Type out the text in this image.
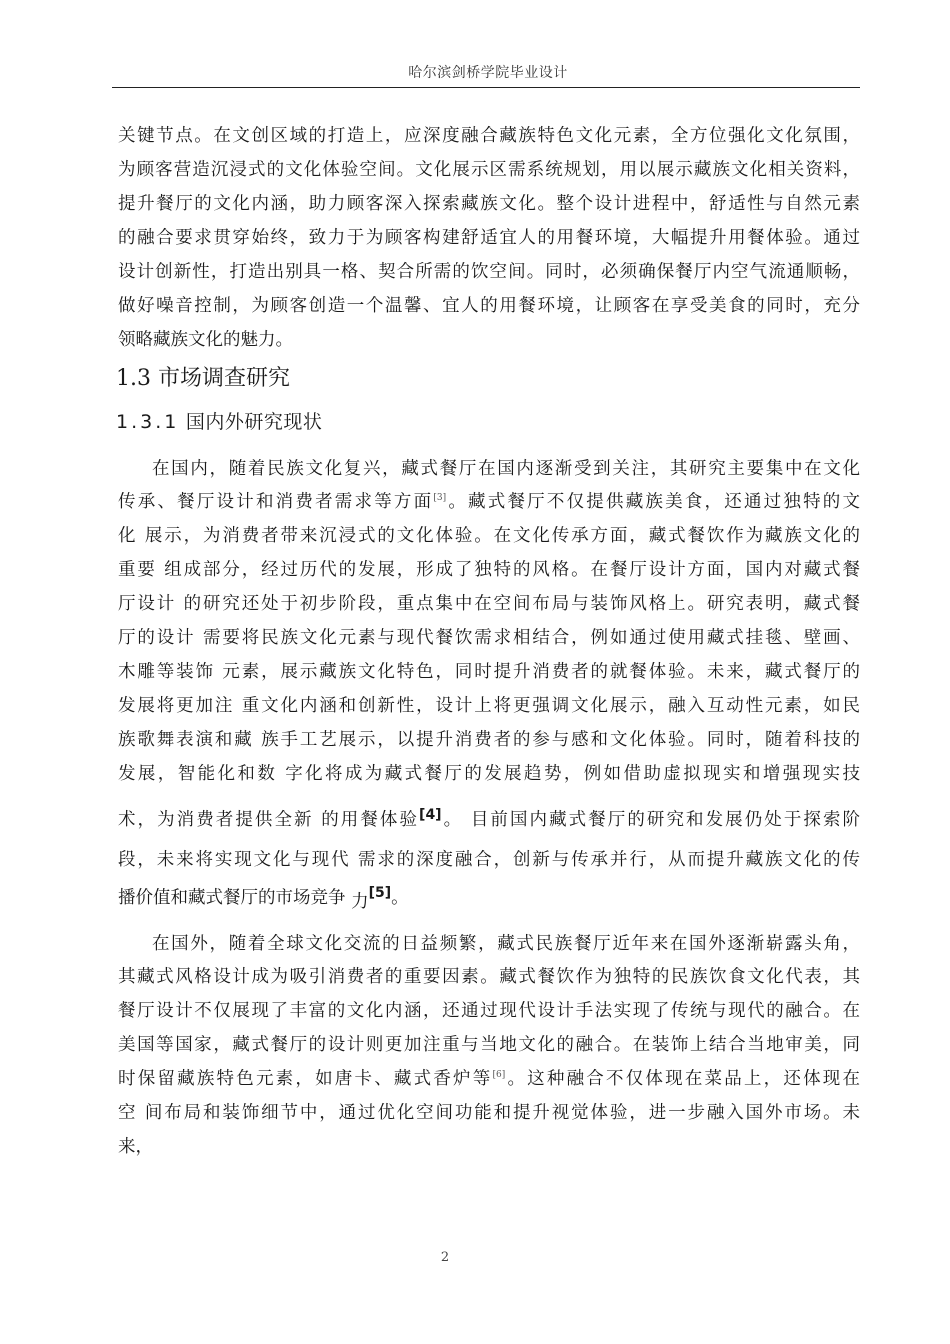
哈尔滨剑桥学院毕业设计
关键节点。在文创区域的打造上，应深度融合藏族特色文化元素，全方位强化文化氛围，
为顾客营造沉浸式的文化体验空间。文化展示区需系统规划，用以展示藏族文化相关资料，
提升餐厅的文化内涵，助力顾客深入探索藏族文化。整个设计进程中，舒适性与自然元素
的融合要求贯穿始终，致力于为顾客构建舒适宜人的用餐环境，大幅提升用餐体验。通过
设计创新性，打造出别具一格、契合所需的饮空间。同时，必须确保餐厅内空气流通顺畅，
做好噪音控制，为顾客创造一个温馨、宜人的用餐环境，让顾客在享受美食的同时，充分
领略藏族文化的魅力。
1.3 市场调查研究
1.3.1 国内外研究现状
在国内，随着民族文化复兴，藏式餐厅在国内逐渐受到关注，其研究主要集中在文化
传承、餐厅设计和消费者需求等方面[3]。藏式餐厅不仅提供藏族美食，还通过独特的文
化 展示，为消费者带来沉浸式的文化体验。在文化传承方面，藏式餐饮作为藏族文化的
重要 组成部分，经过历代的发展，形成了独特的风格。在餐厅设计方面，国内对藏式餐
厅设计 的研究还处于初步阶段，重点集中在空间布局与装饰风格上。研究表明，藏式餐
厅的设计 需要将民族文化元素与现代餐饮需求相结合，例如通过使用藏式挂毯、壁画、
木雕等装饰 元素，展示藏族文化特色，同时提升消费者的就餐体验。未来，藏式餐厅的
发展将更加注 重文化内涵和创新性，设计上将更强调文化展示，融入互动性元素，如民
族歌舞表演和藏 族手工艺展示，以提升消费者的参与感和文化体验。同时，随着科技的
发展，智能化和数 字化将成为藏式餐厅的发展趋势，例如借助虚拟现实和增强现实技
术，为消费者提供全新 的用餐体验[4]。 目前国内藏式餐厅的研究和发展仍处于探索阶
段，未来将实现文化与现代 需求的深度融合，创新与传承并行，从而提升藏族文化的传
播价值和藏式餐厅的市场竞争 力[5]。
在国外，随着全球文化交流的日益频繁，藏式民族餐厅近年来在国外逐渐崭露头角，
其藏式风格设计成为吸引消费者的重要因素。藏式餐饮作为独特的民族饮食文化代表，其
餐厅设计不仅展现了丰富的文化内涵，还通过现代设计手法实现了传统与现代的融合。在
美国等国家，藏式餐厅的设计则更加注重与当地文化的融合。在装饰上结合当地审美，同
时保留藏族特色元素，如唐卡、藏式香炉等[6]。这种融合不仅体现在菜品上，还体现在
空 间布局和装饰细节中，通过优化空间功能和提升视觉体验，进一步融入国外市场。未
来，
2
